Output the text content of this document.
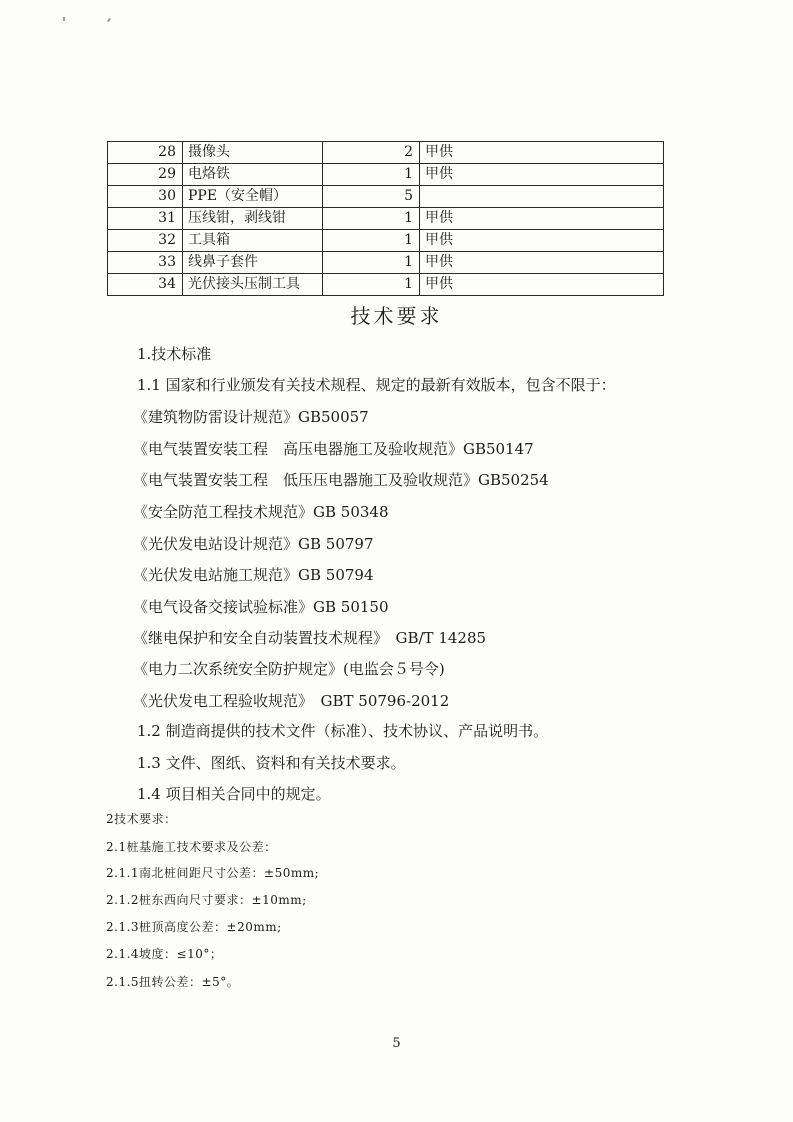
28	摄像头	2	甲供
29	电烙铁	1	甲供
30	PPE（安全帽）	5	
31	压线钳，剥线钳	1	甲供
32	工具箱	1	甲供
33	线鼻子套件	1	甲供
34	光伏接头压制工具	1	甲供
技术要求
1.技术标准
1.1 国家和行业颁发有关技术规程、规定的最新有效版本，包含不限于：
《建筑物防雷设计规范》GB50057
《电气装置安装工程　高压电器施工及验收规范》GB50147
《电气装置安装工程　低压压电器施工及验收规范》GB50254
《安全防范工程技术规范》GB 50348
《光伏发电站设计规范》GB 50797
《光伏发电站施工规范》GB 50794
《电气设备交接试验标准》GB 50150
《继电保护和安全自动装置技术规程》　GB/T 14285
《电力二次系统安全防护规定》(电监会５号令)
《光伏发电工程验收规范》　GBT 50796-2012
1.2 制造商提供的技术文件（标准）、技术协议、产品说明书。
1.3 文件、图纸、资料和有关技术要求。
1.4 项目相关合同中的规定。
2技术要求：
2.1桩基施工技术要求及公差：
2.1.1南北桩间距尺寸公差：±50mm;
2.1.2桩东西向尺寸要求：±10mm;
2.1.3桩顶高度公差：±20mm;
2.1.4坡度：≤10°；
2.1.5扭转公差：±5°。
5
